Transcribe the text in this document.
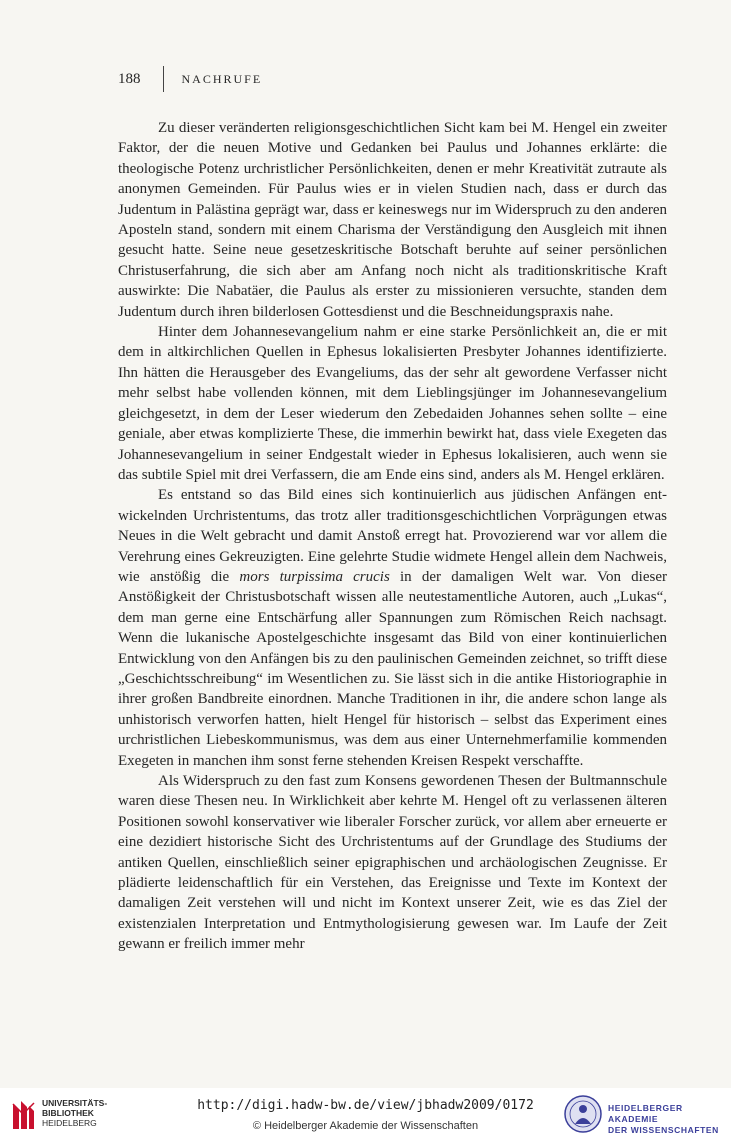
188	NACHRUFE

Zu dieser veränderten religionsgeschichtlichen Sicht kam bei M. Hengel ein zweiter Faktor, der die neuen Motive und Gedanken bei Paulus und Johannes erklärte: die theologische Potenz urchristlicher Persönlichkeiten, denen er mehr Kreativität zutraute als anonymen Gemeinden. Für Paulus wies er in vielen Studien nach, dass er durch das Judentum in Palästina geprägt war, dass er keineswegs nur im Widerspruch zu den anderen Aposteln stand, sondern mit einem Charisma der Verständigung den Ausgleich mit ihnen gesucht hatte. Seine neue gesetzeskritische Botschaft beruhte auf seiner persönlichen Christuserfahrung, die sich aber am Anfang noch nicht als traditionskritische Kraft auswirkte: Die Nabatäer, die Paulus als erster zu missionieren versuchte, standen dem Judentum durch ihren bilderlosen Gottesdienst und die Beschneidungspraxis nahe.

Hinter dem Johannesevangelium nahm er eine starke Persönlichkeit an, die er mit dem in altkirchlichen Quellen in Ephesus lokalisierten Presbyter Johannes identifizierte. Ihn hätten die Herausgeber des Evangeliums, das der sehr alt gewordene Verfasser nicht mehr selbst habe vollenden können, mit dem Lieblingsjünger im Johannesevangelium gleichgesetzt, in dem der Leser wiederum den Zebedaiden Johannes sehen sollte – eine geniale, aber etwas komplizierte These, die immerhin bewirkt hat, dass viele Exegeten das Johannesevangelium in seiner Endgestalt wieder in Ephesus lokalisieren, auch wenn sie das subtile Spiel mit drei Verfassern, die am Ende eins sind, anders als M. Hengel erklären.

Es entstand so das Bild eines sich kontinuierlich aus jüdischen Anfängen entwickelnden Urchristentums, das trotz aller traditionsgeschichtlichen Vorprägungen etwas Neues in die Welt gebracht und damit Anstoß erregt hat. Provozierend war vor allem die Verehrung eines Gekreuzigten. Eine gelehrte Studie widmete Hengel allein dem Nachweis, wie anstößig die mors turpissima crucis in der damaligen Welt war. Von dieser Anstößigkeit der Christusbotschaft wissen alle neutestamentliche Autoren, auch „Lukas“, dem man gerne eine Entschärfung aller Spannungen zum Römischen Reich nachsagt. Wenn die lukanische Apostelgeschichte insgesamt das Bild von einer kontinuierlichen Entwicklung von den Anfängen bis zu den paulinischen Gemeinden zeichnet, so trifft diese „Geschichtsschreibung“ im Wesentlichen zu. Sie lässt sich in die antike Historiographie in ihrer großen Bandbreite einordnen. Manche Traditionen in ihr, die andere schon lange als unhistorisch verworfen hatten, hielt Hengel für historisch – selbst das Experiment eines urchristlichen Liebeskommunismus, was dem aus einer Unternehmerfamilie kommenden Exegeten in manchen ihm sonst ferne stehenden Kreisen Respekt verschaffte.

Als Widerspruch zu den fast zum Konsens gewordenen Thesen der Bultmannschule waren diese Thesen neu. In Wirklichkeit aber kehrte M. Hengel oft zu verlassenen älteren Positionen sowohl konservativer wie liberaler Forscher zurück, vor allem aber erneuerte er eine dezidiert historische Sicht des Urchristentums auf der Grundlage des Studiums der antiken Quellen, einschließlich seiner epigraphischen und archäologischen Zeugnisse. Er plädierte leidenschaftlich für ein Verstehen, das Ereignisse und Texte im Kontext der damaligen Zeit verstehen will und nicht im Kontext unserer Zeit, wie es das Ziel der existenzialen Interpretation und Entmythologisierung gewesen war. Im Laufe der Zeit gewann er freilich immer mehr

UNIVERSITÄTS-
BIBLIOTHEK
HEIDELBERG
http://digi.hadw-bw.de/view/jbhadw2009/0172
© Heidelberger Akademie der Wissenschaften
HEIDELBERGER AKADEMIE
DER WISSENSCHAFTEN
